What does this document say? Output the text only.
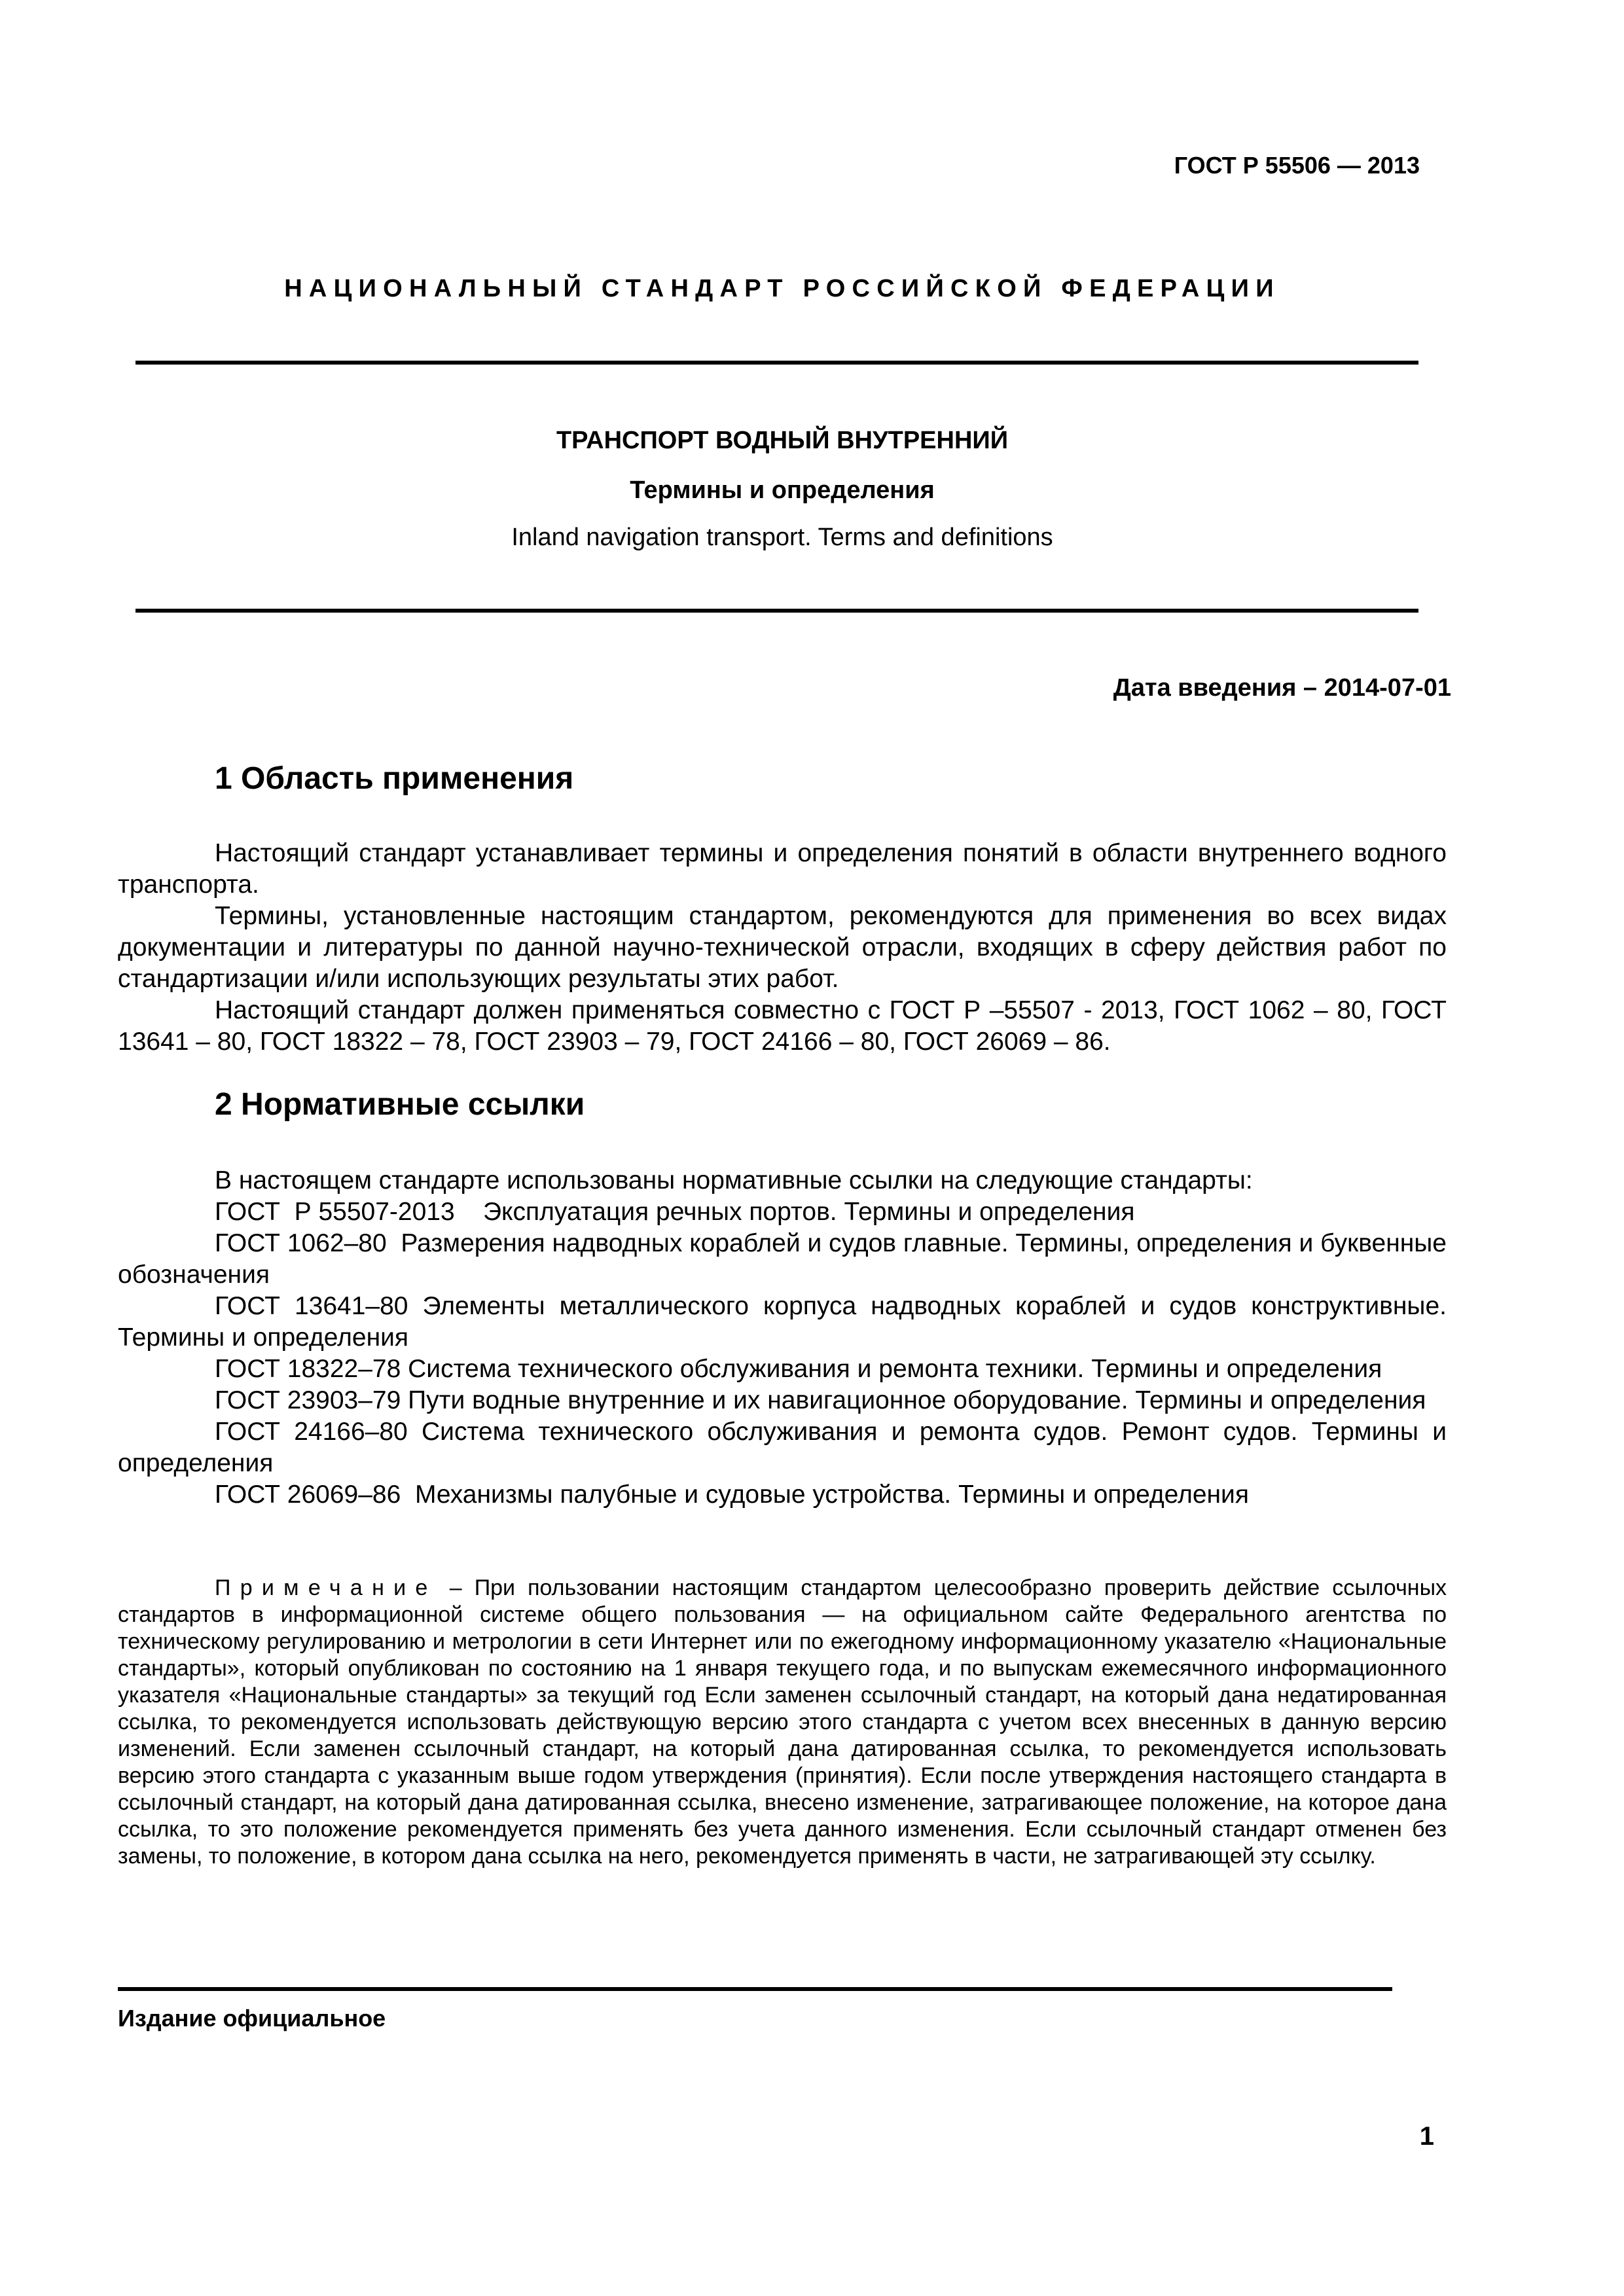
ГОСТ Р 55506 — 2013
НАЦИОНАЛЬНЫЙ СТАНДАРТ РОССИЙСКОЙ ФЕДЕРАЦИИ
ТРАНСПОРТ ВОДНЫЙ ВНУТРЕННИЙ
Термины и определения
Inland navigation transport. Terms and definitions
Дата введения – 2014-07-01
1 Область применения

Настоящий стандарт устанавливает термины и определения понятий в области внутреннего водного транспорта.

Термины, установленные настоящим стандартом, рекомендуются для применения во всех видах документации и литературы по данной научно-технической отрасли, входящих в сферу действия работ по стандартизации и/или использующих результаты этих работ.

Настоящий стандарт должен применяться совместно с ГОСТ Р –55507 - 2013, ГОСТ 1062 – 80, ГОСТ 13641 – 80, ГОСТ 18322 – 78, ГОСТ 23903 – 79, ГОСТ 24166 – 80, ГОСТ 26069 – 86.

2 Нормативные ссылки
В настоящем стандарте использованы нормативные ссылки на следующие стандарты:
ГОСТ  Р 55507-2013    Эксплуатация речных портов. Термины и определения
ГОСТ 1062–80  Размерения надводных кораблей и судов главные. Термины, определения и буквенные обозначения
ГОСТ 13641–80 Элементы металлического корпуса надводных кораблей и судов конструктивные. Термины и определения
ГОСТ 18322–78 Система технического обслуживания и ремонта техники. Термины и определения
ГОСТ 23903–79 Пути водные внутренние и их навигационное оборудование. Термины и определения
ГОСТ 24166–80 Система технического обслуживания и ремонта судов. Ремонт судов. Термины и определения
ГОСТ 26069–86  Механизмы палубные и судовые устройства. Термины и определения
Примечание – При пользовании настоящим стандартом целесообразно проверить действие ссылочных стандартов в информационной системе общего пользования — на официальном сайте Федерального агентства по техническому регулированию и метрологии в сети Интернет или по ежегодному информационному указателю «Национальные стандарты», который опубликован по состоянию на 1 января текущего года, и по выпускам ежемесячного информационного указателя «Национальные стандарты» за текущий год Если заменен ссылочный стандарт, на который дана недатированная ссылка, то рекомендуется использовать действующую версию этого стандарта с учетом всех внесенных в данную версию изменений. Если заменен ссылочный стандарт, на который дана датированная ссылка, то рекомендуется использовать версию этого стандарта с указанным выше годом утверждения (принятия). Если после утверждения настоящего стандарта в ссылочный стандарт, на который дана датированная ссылка, внесено изменение, затрагивающее положение, на которое дана ссылка, то это положение рекомендуется применять без учета данного изменения. Если ссылочный стандарт отменен без замены, то положение, в котором дана ссылка на него, рекомендуется применять в части, не затрагивающей эту ссылку.
Издание официальное
1
